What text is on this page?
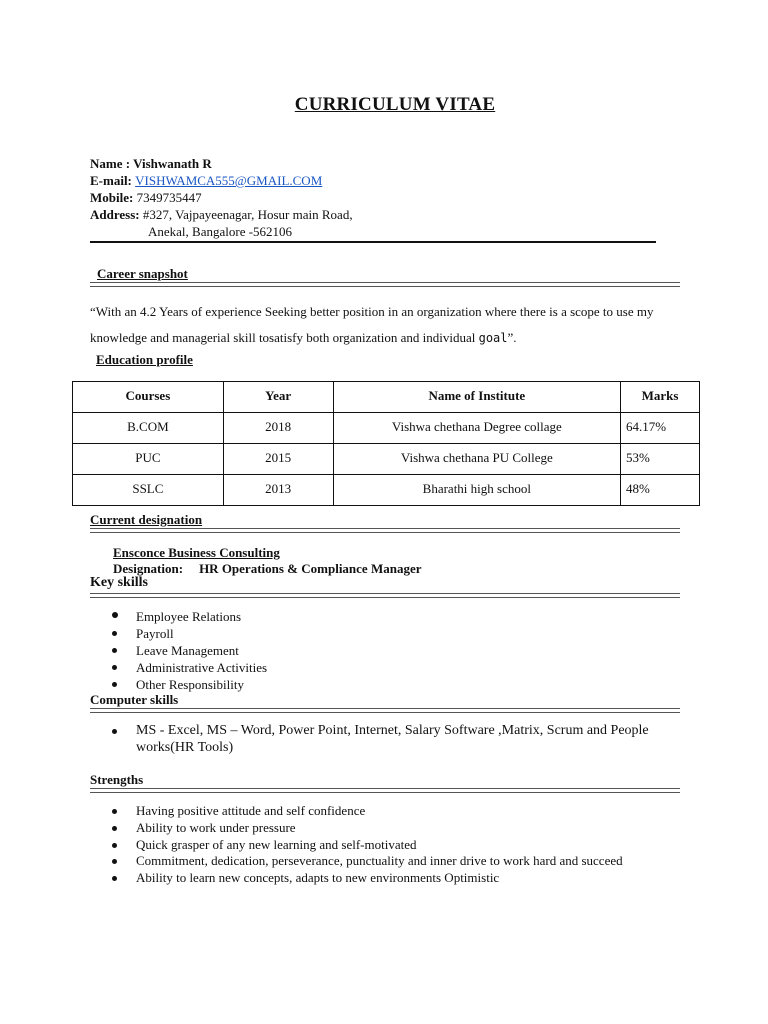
CURRICULUM VITAE
Name : Vishwanath R
E-mail: VISHWAMCA555@GMAIL.COM
Mobile: 7349735447
Address: #327, Vajpayeenagar, Hosur main Road,
Anekal, Bangalore -562106
Career snapshot
“With an 4.2 Years of experience Seeking better position in an organization where there is a scope to use my knowledge and managerial skill tosatisfy both organization and individual goal”.
Education profile
Courses	Year	Name of Institute	Marks
B.COM	2018	Vishwa chethana Degree collage	64.17%
PUC	2015	Vishwa chethana PU College	53%
SSLC	2013	Bharathi high school	48%
Current designation
Ensconce Business Consulting
Designation: HR Operations & Compliance Manager
Key skills
Employee Relations
Payroll
Leave Management
Administrative Activities
Other Responsibility
Computer skills
MS - Excel, MS – Word, Power Point, Internet, Salary Software ,Matrix, Scrum and People works(HR Tools)
Strengths
Having positive attitude and self confidence
Ability to work under pressure
Quick grasper of any new learning and self-motivated
Commitment, dedication, perseverance, punctuality and inner drive to work hard and succeed
Ability to learn new concepts, adapts to new environments Optimistic
